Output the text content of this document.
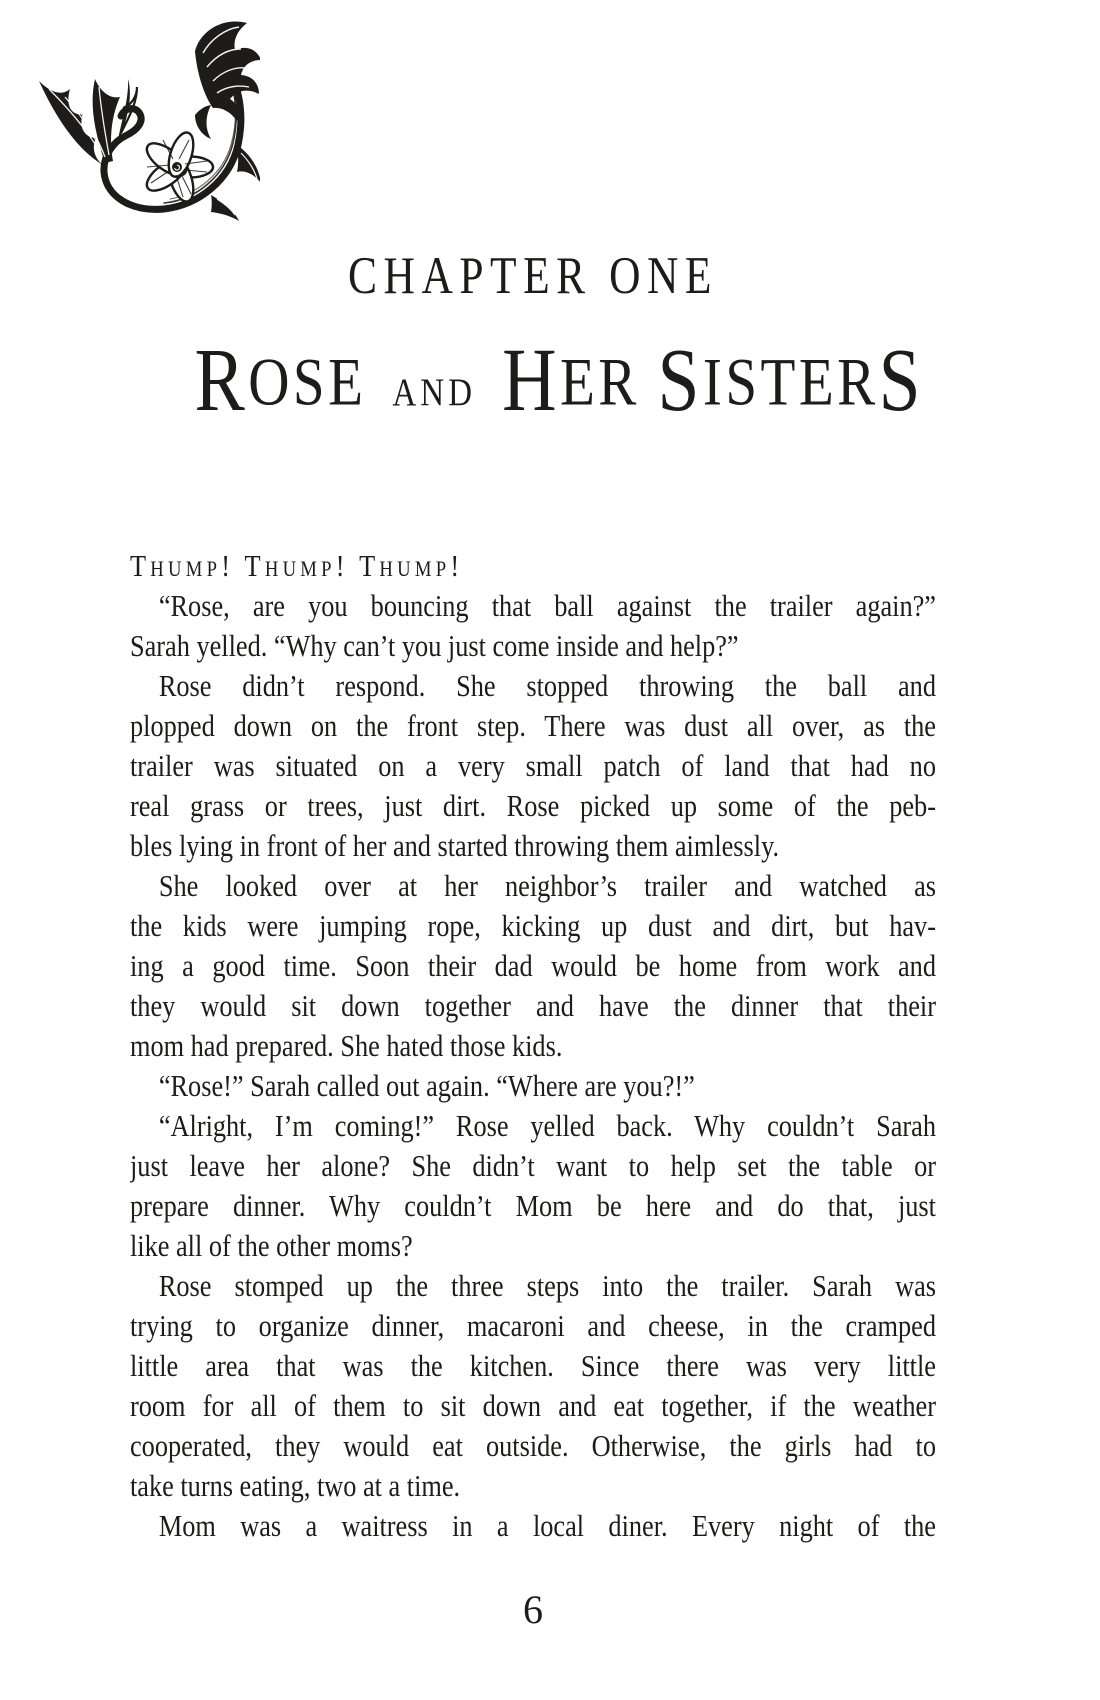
CHAPTER ONE
ROSE AND HER SISTERS
Thump! Thump! Thump!
“Rose, are you bouncing that ball against the trailer again?”
Sarah yelled. “Why can’t you just come inside and help?”
Rose didn’t respond. She stopped throwing the ball and
plopped down on the front step. There was dust all over, as the
trailer was situated on a very small patch of land that had no
real grass or trees, just dirt. Rose picked up some of the peb-
bles lying in front of her and started throwing them aimlessly.
She looked over at her neighbor’s trailer and watched as
the kids were jumping rope, kicking up dust and dirt, but hav-
ing a good time. Soon their dad would be home from work and
they would sit down together and have the dinner that their
mom had prepared. She hated those kids.
“Rose!” Sarah called out again. “Where are you?!”
“Alright, I’m coming!” Rose yelled back. Why couldn’t Sarah
just leave her alone? She didn’t want to help set the table or
prepare dinner. Why couldn’t Mom be here and do that, just
like all of the other moms?
Rose stomped up the three steps into the trailer. Sarah was
trying to organize dinner, macaroni and cheese, in the cramped
little area that was the kitchen. Since there was very little
room for all of them to sit down and eat together, if the weather
cooperated, they would eat outside. Otherwise, the girls had to
take turns eating, two at a time.
Mom was a waitress in a local diner. Every night of the
6
